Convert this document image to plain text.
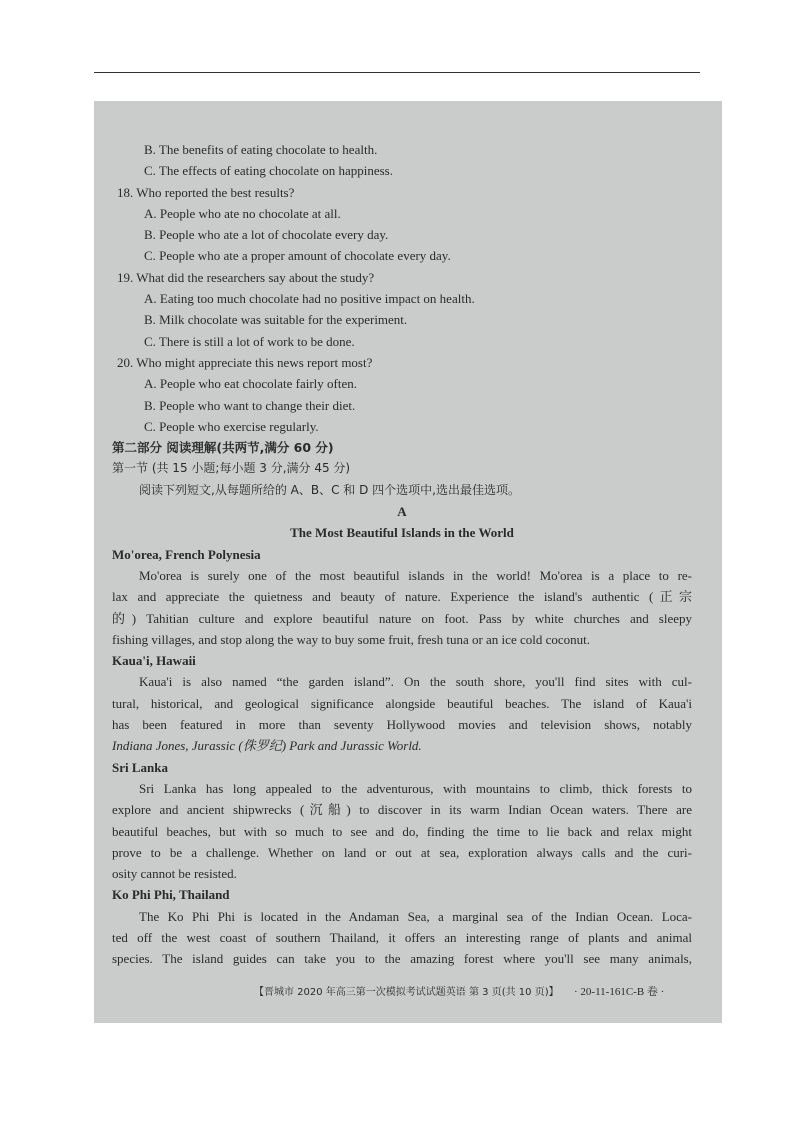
B. The benefits of eating chocolate to health.
C. The effects of eating chocolate on happiness.
18. Who reported the best results?
A. People who ate no chocolate at all.
B. People who ate a lot of chocolate every day.
C. People who ate a proper amount of chocolate every day.
19. What did the researchers say about the study?
A. Eating too much chocolate had no positive impact on health.
B. Milk chocolate was suitable for the experiment.
C. There is still a lot of work to be done.
20. Who might appreciate this news report most?
A. People who eat chocolate fairly often.
B. People who want to change their diet.
C. People who exercise regularly.
第二部分 阅读理解(共两节,满分 60 分)
第一节 (共 15 小题;每小题 3 分,满分 45 分)
阅读下列短文,从每题所给的 A、B、C 和 D 四个选项中,选出最佳选项。
A
The Most Beautiful Islands in the World
Mo'orea, French Polynesia
Mo'orea is surely one of the most beautiful islands in the world! Mo'orea is a place to re-
lax and appreciate the quietness and beauty of nature. Experience the island's authentic (正宗
的) Tahitian culture and explore beautiful nature on foot. Pass by white churches and sleepy
fishing villages, and stop along the way to buy some fruit, fresh tuna or an ice cold coconut.
Kaua'i, Hawaii
Kaua'i is also named “the garden island”. On the south shore, you'll find sites with cul-
tural, historical, and geological significance alongside beautiful beaches. The island of Kaua'i
has been featured in more than seventy Hollywood movies and television shows, notably
Indiana Jones, Jurassic (侏罗纪) Park and Jurassic World.
Sri Lanka
Sri Lanka has long appealed to the adventurous, with mountains to climb, thick forests to
explore and ancient shipwrecks (沉船) to discover in its warm Indian Ocean waters. There are
beautiful beaches, but with so much to see and do, finding the time to lie back and relax might
prove to be a challenge. Whether on land or out at sea, exploration always calls and the curi-
osity cannot be resisted.
Ko Phi Phi, Thailand
The Ko Phi Phi is located in the Andaman Sea, a marginal sea of the Indian Ocean. Loca-
ted off the west coast of southern Thailand, it offers an interesting range of plants and animal
species. The island guides can take you to the amazing forest where you'll see many animals,
【晋城市 2020 年高三第一次模拟考试试题英语 第 3 页(共 10 页)】 · 20-11-161C-B 卷 ·
